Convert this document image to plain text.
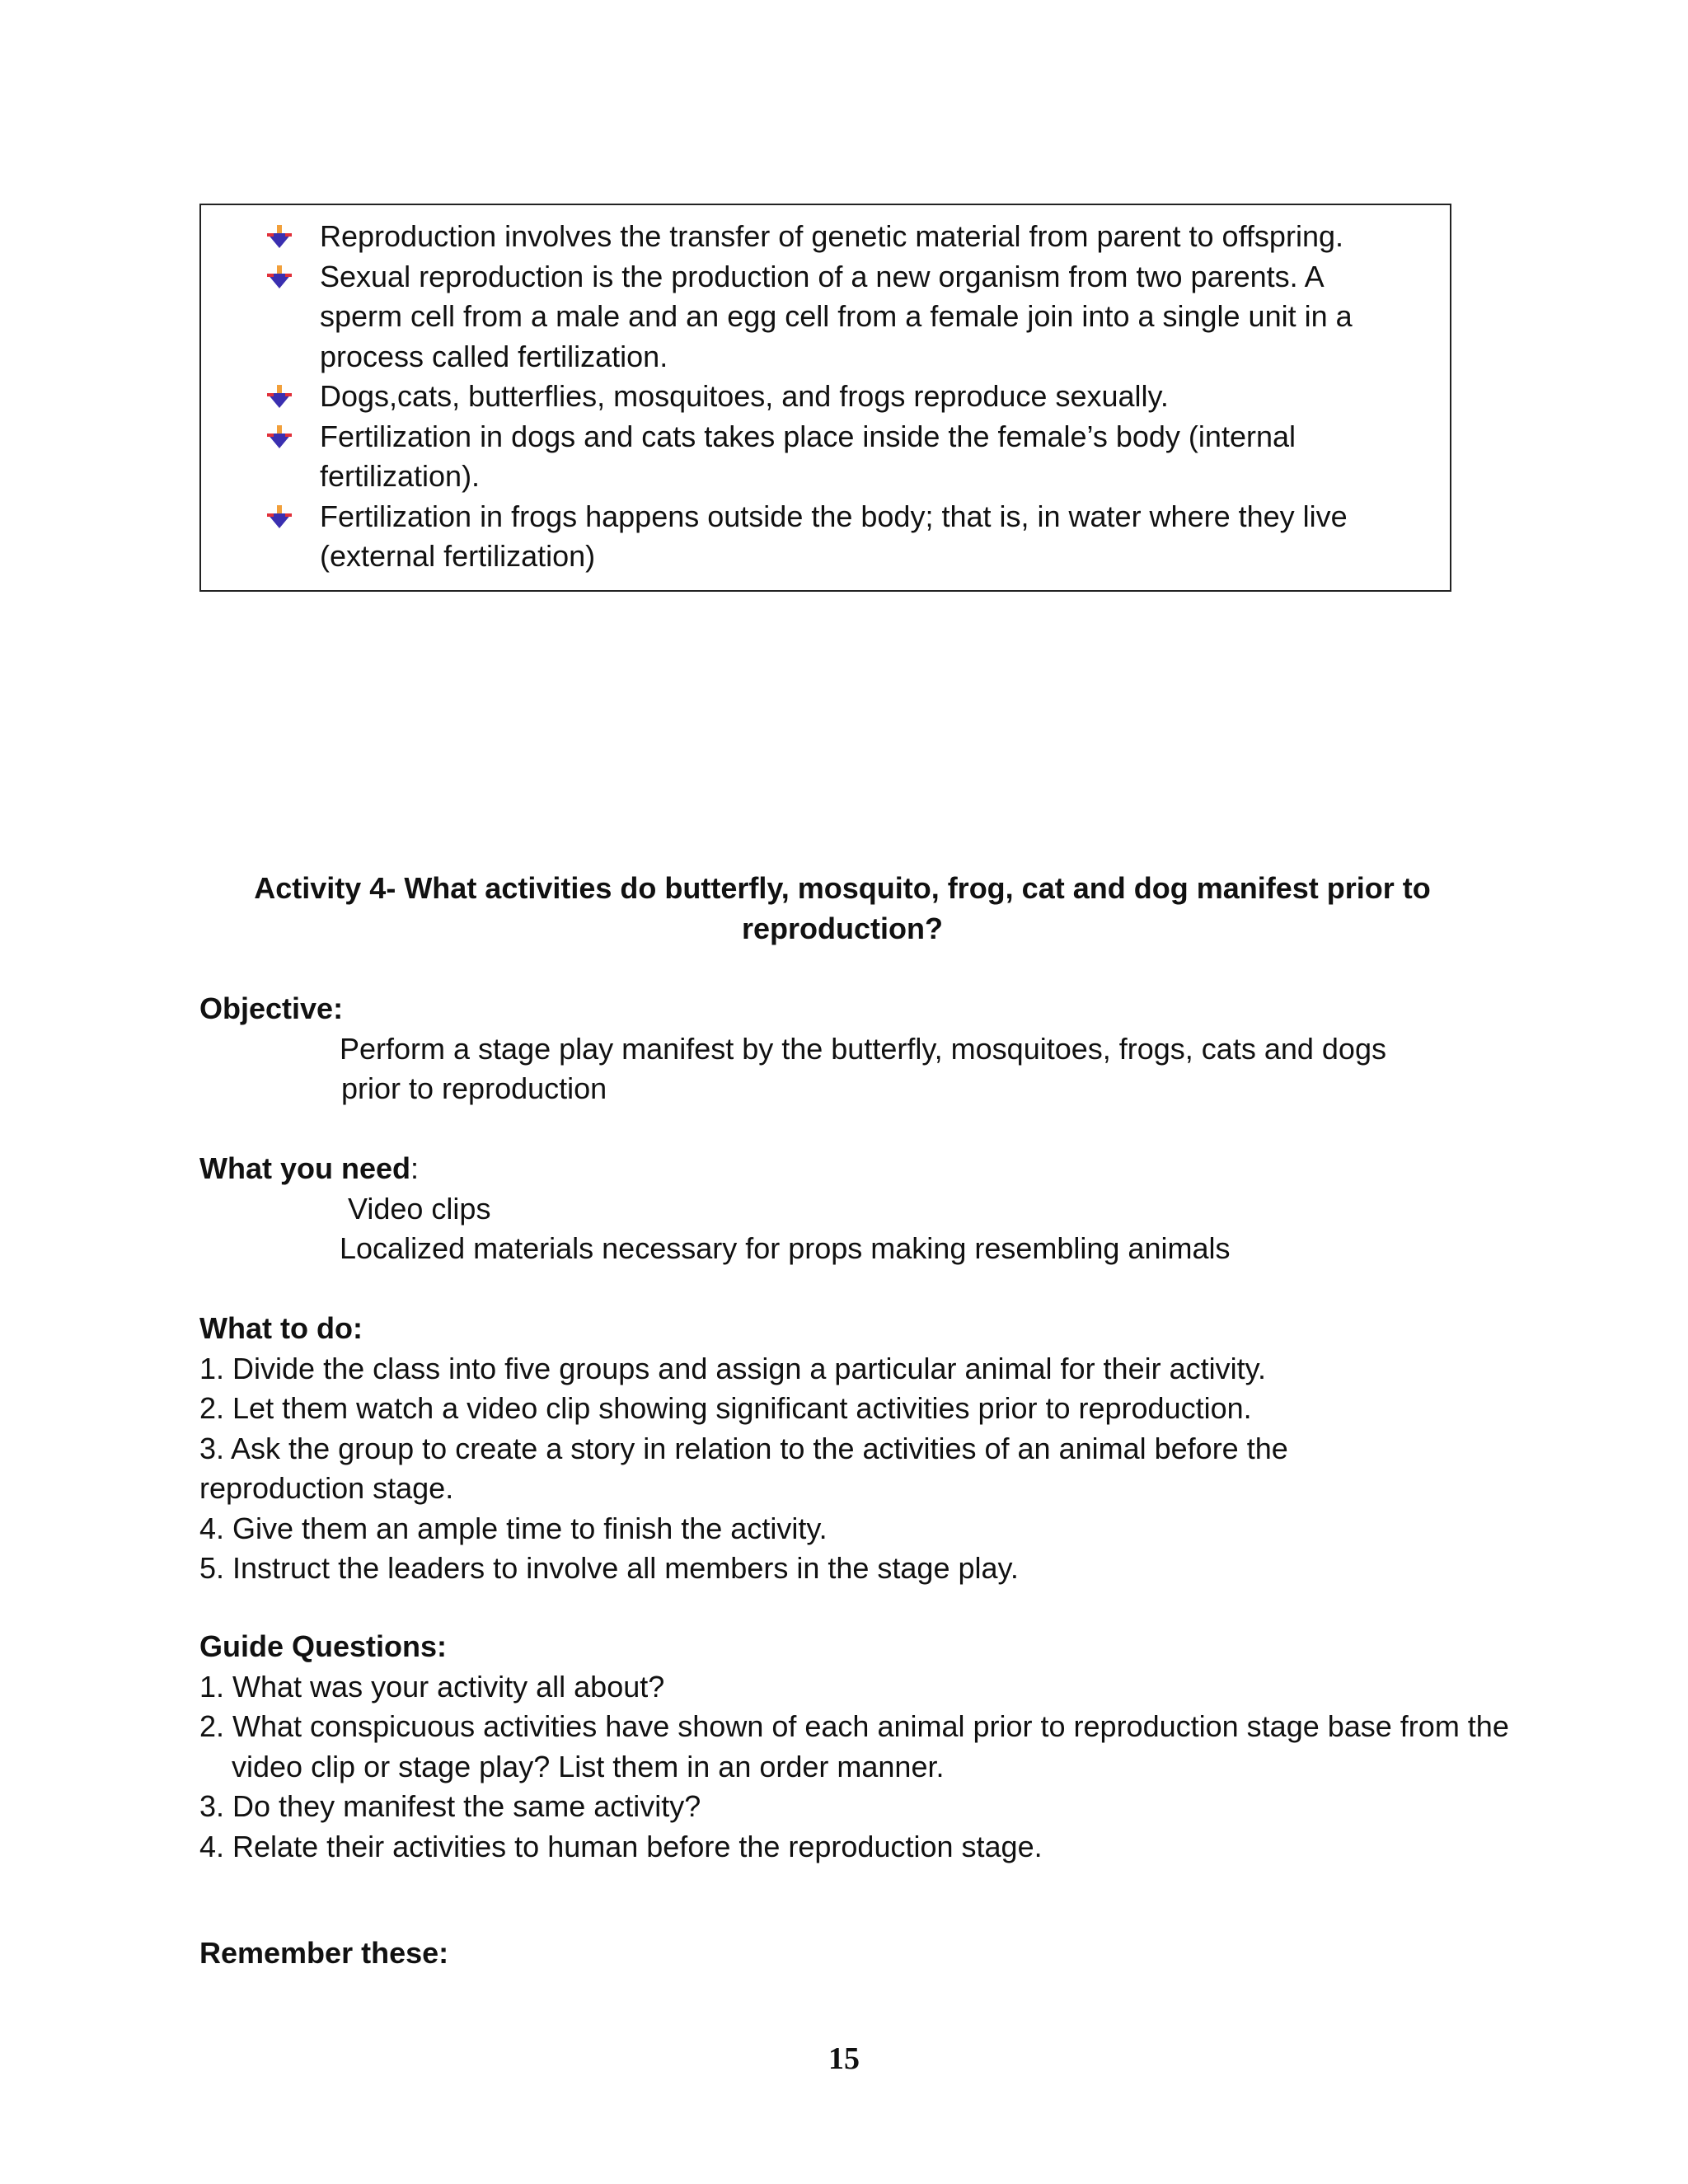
Reproduction involves the transfer of genetic material from parent to offspring.
Sexual reproduction is the production of a new organism from two parents. A sperm cell from a male and an egg cell from a female join into a single unit in a process called fertilization.
Dogs,cats, butterflies, mosquitoes, and frogs reproduce sexually.
Fertilization in dogs and cats takes place inside the female’s body (internal fertilization).
Fertilization in frogs happens outside the body; that is, in water where they live (external fertilization)
Activity 4- What activities do butterfly, mosquito, frog, cat and dog manifest prior to
reproduction?
Objective:
Perform a stage play manifest by the butterfly, mosquitoes, frogs, cats and dogs
prior to reproduction
What you need:
Video clips
Localized materials necessary for props making resembling animals
What to do:
1. Divide the class into five groups and assign a particular animal for their activity.
2. Let them watch a video clip showing significant activities prior to reproduction.
3. Ask the group to create a story in relation to the activities of an animal before the
reproduction stage.
4. Give them an ample time to finish the activity.
5. Instruct the leaders to involve all members in the stage play.
Guide Questions:
1. What was your activity all about?
2. What conspicuous activities have shown of each animal prior to reproduction stage base from the video clip or stage play? List them in an order manner.
3. Do they manifest the same activity?
4. Relate their activities to human before the reproduction stage.
Remember these:
15
